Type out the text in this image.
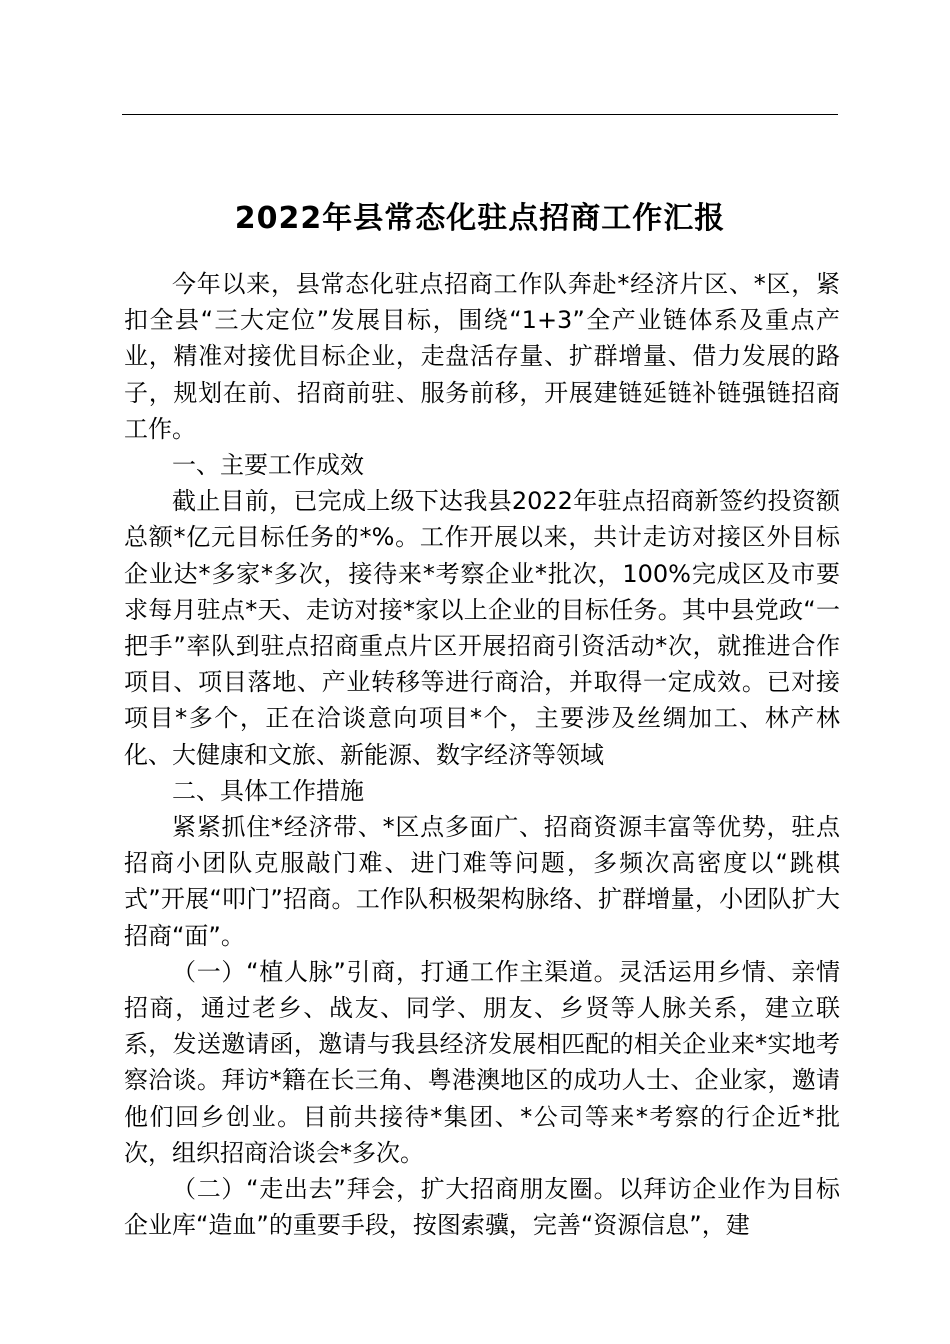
2022年县常态化驻点招商工作汇报

今年以来，县常态化驻点招商工作队奔赴*经济片区、*区，紧扣全县“三大定位”发展目标，围绕“1+3”全产业链体系及重点产业，精准对接优目标企业，走盘活存量、扩群增量、借力发展的路子，规划在前、招商前驻、服务前移，开展建链延链补链强链招商工作。

一、主要工作成效

截止目前，已完成上级下达我县2022年驻点招商新签约投资额总额*亿元目标任务的*%。工作开展以来，共计走访对接区外目标企业达*多家*多次，接待来*考察企业*批次，100%完成区及市要求每月驻点*天、走访对接*家以上企业的目标任务。其中县党政“一把手”率队到驻点招商重点片区开展招商引资活动*次，就推进合作项目、项目落地、产业转移等进行商洽，并取得一定成效。已对接项目*多个，正在洽谈意向项目*个，主要涉及丝绸加工、林产林化、大健康和文旅、新能源、数字经济等领域

二、具体工作措施

紧紧抓住*经济带、*区点多面广、招商资源丰富等优势，驻点招商小团队克服敲门难、进门难等问题，多频次高密度以“跳棋式”开展“叩门”招商。工作队积极架构脉络、扩群增量，小团队扩大招商“面”。

（一）“植人脉”引商，打通工作主渠道。灵活运用乡情、亲情招商，通过老乡、战友、同学、朋友、乡贤等人脉关系，建立联系，发送邀请函，邀请与我县经济发展相匹配的相关企业来*实地考察洽谈。拜访*籍在长三角、粤港澳地区的成功人士、企业家，邀请他们回乡创业。目前共接待*集团、*公司等来*考察的行企近*批次，组织招商洽谈会*多次。

（二）“走出去”拜会，扩大招商朋友圈。以拜访企业作为目标企业库“造血”的重要手段，按图索骥，完善“资源信息”，建
